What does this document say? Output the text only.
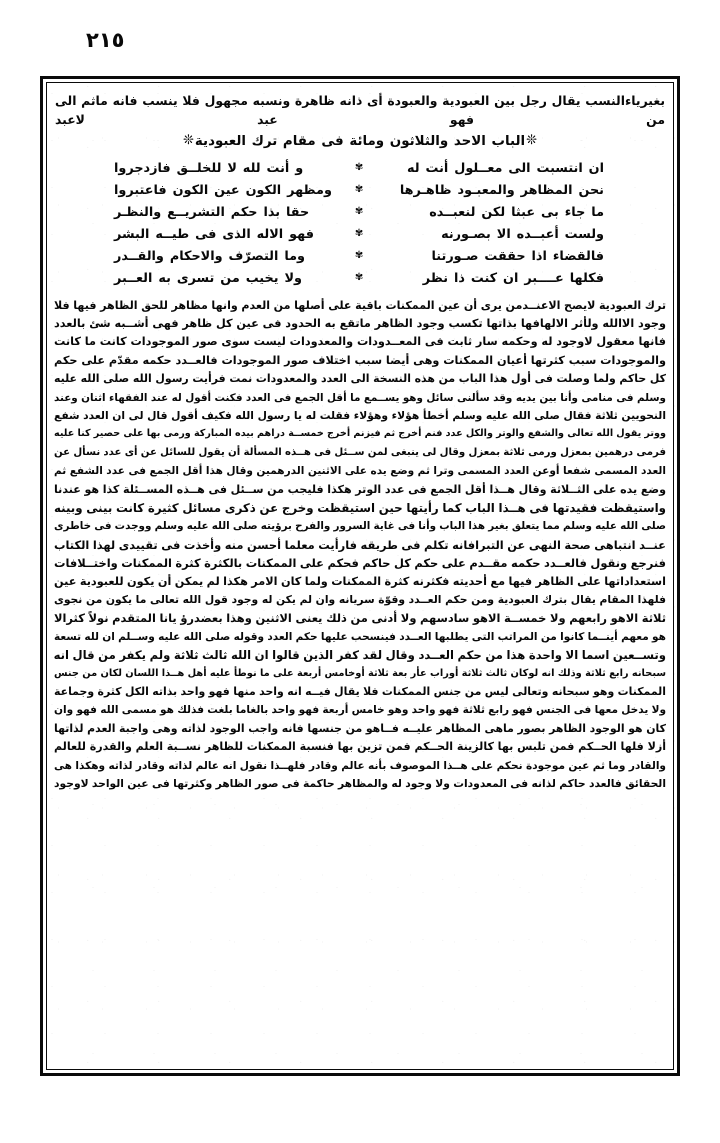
٢١٥
بغيرياءالنسب يقال رجل بين العبودية والعبودة أى ذانه ظاهرة ونسبه مجهول فلا ينسب فانه ماثم الى من فهو عبد لاعبد
❊الباب الاحد والثلاثون ومائة فى مقام ترك العبودية❊
ان انتسبت الى معــلول أنت له
✾
و أنت لله لا للخلــق فازدجروا
نحن المظاهر والمعبـود ظاهـرها
✾
ومظهر الكون عين الكون فاعتبروا
ما جاء بى عبثا لكن لنعبــده
✾
حقا بذا حكم التشريــع والنظـر
ولست أعبــده الا بصـورنه
✾
فهو الاله الذى فى طيــه البشر
فالقضاء اذا حققت صـورتنا
✾
وما التصرّف والاحكام والقــدر
فكلها عــــبر ان كنت ذا نظر
✾
ولا يخيب من تسرى به العــبر
ترك العبودية لايصح الاعنــدمن يرى أن عين الممكنات باقية على أصلها من العدم وانها مظاهر للحق الظاهر فيها فلا
وجود الاالله ولأثر الالهافها بذاتها تكسب وجود الظاهر ماتقع به الحدود فى عين كل ظاهر فهى أشــبه شئ بالعدد
فانها معقول لاوجود له وحكمه سار ثابت فى المعــدودات والمعدودات ليست سوى صور الموجودات كانت ما كانت
والموجودات سبب كثرتها أعيان الممكنات وهى أيضا سبب اختلاف صور الموجودات فالعــدد حكمه مقدّم على حكم
كل حاكم ولما وصلت فى أول هذا الباب من هذه النسخة الى العدد والمعدودات نمت فرأيت رسول الله صلى الله عليه
وسلم فى منامى وأنا بين يديه وقد سألنى سائل وهو يســمع ما أقل الجمع فى العدد فكنت أقول له عند الفقهاء اثنان وعند
النحويين ثلاثة فقال صلى الله عليه وسلم أخطأ هؤلاء وهؤلاء فقلت له يا رسول الله فكيف أقول قال لى ان العدد شفع
ووتر يقول الله تعالى والشفع والوتر والكل عدد فنم أخرج ثم فيزنم أخرج خمســة دراهم بيده المباركة ورمى بها على حصير كنا عليه
فرمى درهمين بمعزل ورمى ثلاثة بمعزل وقال لى ينبغى لمن ســئل فى هــذه المسألة أن يقول للسائل عن أى عدد نسأل عن
العدد المسمى شفعا أوعن العدد المسمى وترا ثم وضع يده على الاثنين الدرهمين وقال هذا أقل الجمع فى عدد الشفع ثم
وضع يده على الثــلاثة وقال هــذا أقل الجمع فى عدد الوتر هكذا فليجب من ســئل فى هــذه المســئلة كذا هو عندنا
واستيقظت فقيدتها فى هــذا الباب كما رأيتها حين استيقظت وخرج عن ذكرى مسائل كثيرة كانت بينى وبينه
صلى الله عليه وسلم مما يتعلق بغير هذا الباب وأنا فى غاية السرور والفرح برؤيته صلى الله عليه وسلم ووجدت فى خاطرى
عنــد انتباهى صحة النهى عن التبرافانه تكلم فى طريقه فارأيت معلما أحسن منه وأخذت فى تقييدى لهذا الكتاب
فنرجع ونقول فالعــدد حكمه مقــدم على حكم كل حاكم فحكم على الممكنات بالكثرة كثرة الممكنات واختــلافات
استعداداتها على الظاهر فيها مع أحديته فكثرنه كثرة الممكنات ولما كان الامر هكذا لم يمكن أن يكون للعبودية عين
فلهذا المقام يقال بترك العبودية ومن حكم العــدد وقوّة سريانه وان لم يكن له وجود قول الله تعالى ما يكون من نجوى
ثلاثة الاهو رابعهم ولا خمســة الاهو سادسهم ولا أدنى من ذلك يعنى الاثنين وهذا بعضدرؤ يانا المتقدم نولاً كثرالا
هو معهم أينــما كانوا من المراتب التى يطلبها العــدد فينسحب عليها حكم العدد وقوله صلى الله عليه وســلم ان لله تسعة
وتســعين اسما الا واحدة هذا من حكم العــدد وقال لقد كفر الذين قالوا ان الله ثالث ثلاثة ولم يكفر من قال انه
سبحانه رابع ثلاثة وذلك انه لوكان ثالث ثلاثة أوراب عأر بعة ثلاثة أوخامس أربعة على ما نوطأ عليه أهل هــذا اللسان لكان من جنس
الممكنات وهو سبحانه وتعالى ليس من جنس الممكنات فلا يقال فيــه انه واحد منها فهو واحد بذاته الكل كثرة وجماعة
ولا يدخل معها فى الجنس فهو رابع ثلاثة فهو واحد وهو خامس أربعة فهو واحد بالغاما بلغت فذلك هو مسمى الله فهو وان
كان هو الوجود الظاهر بصور ماهى المظاهر عليــه فــاهو من جنسها فانه واجب الوجود لذاته وهى واجبة العدم لذاتها
أزلا فلها الحــكم فمن تلبس بها كالزينة الحــكم فمن تزين بها فنسبة الممكنات للظاهر نســبة العلم والقدرة للعالم
والقادر وما ثم عين موجودة نحكم على هــذا الموصوف بأنه عالم وقادر فلهــذا نقول انه عالم لذاته وقادر لذاته وهكذا هى
الحقائق فالعدد حاكم لذانه فى المعدودات ولا وجود له والمظاهر حاكمة فى صور الظاهر وكثرتها فى عين الواحد لاوجود
